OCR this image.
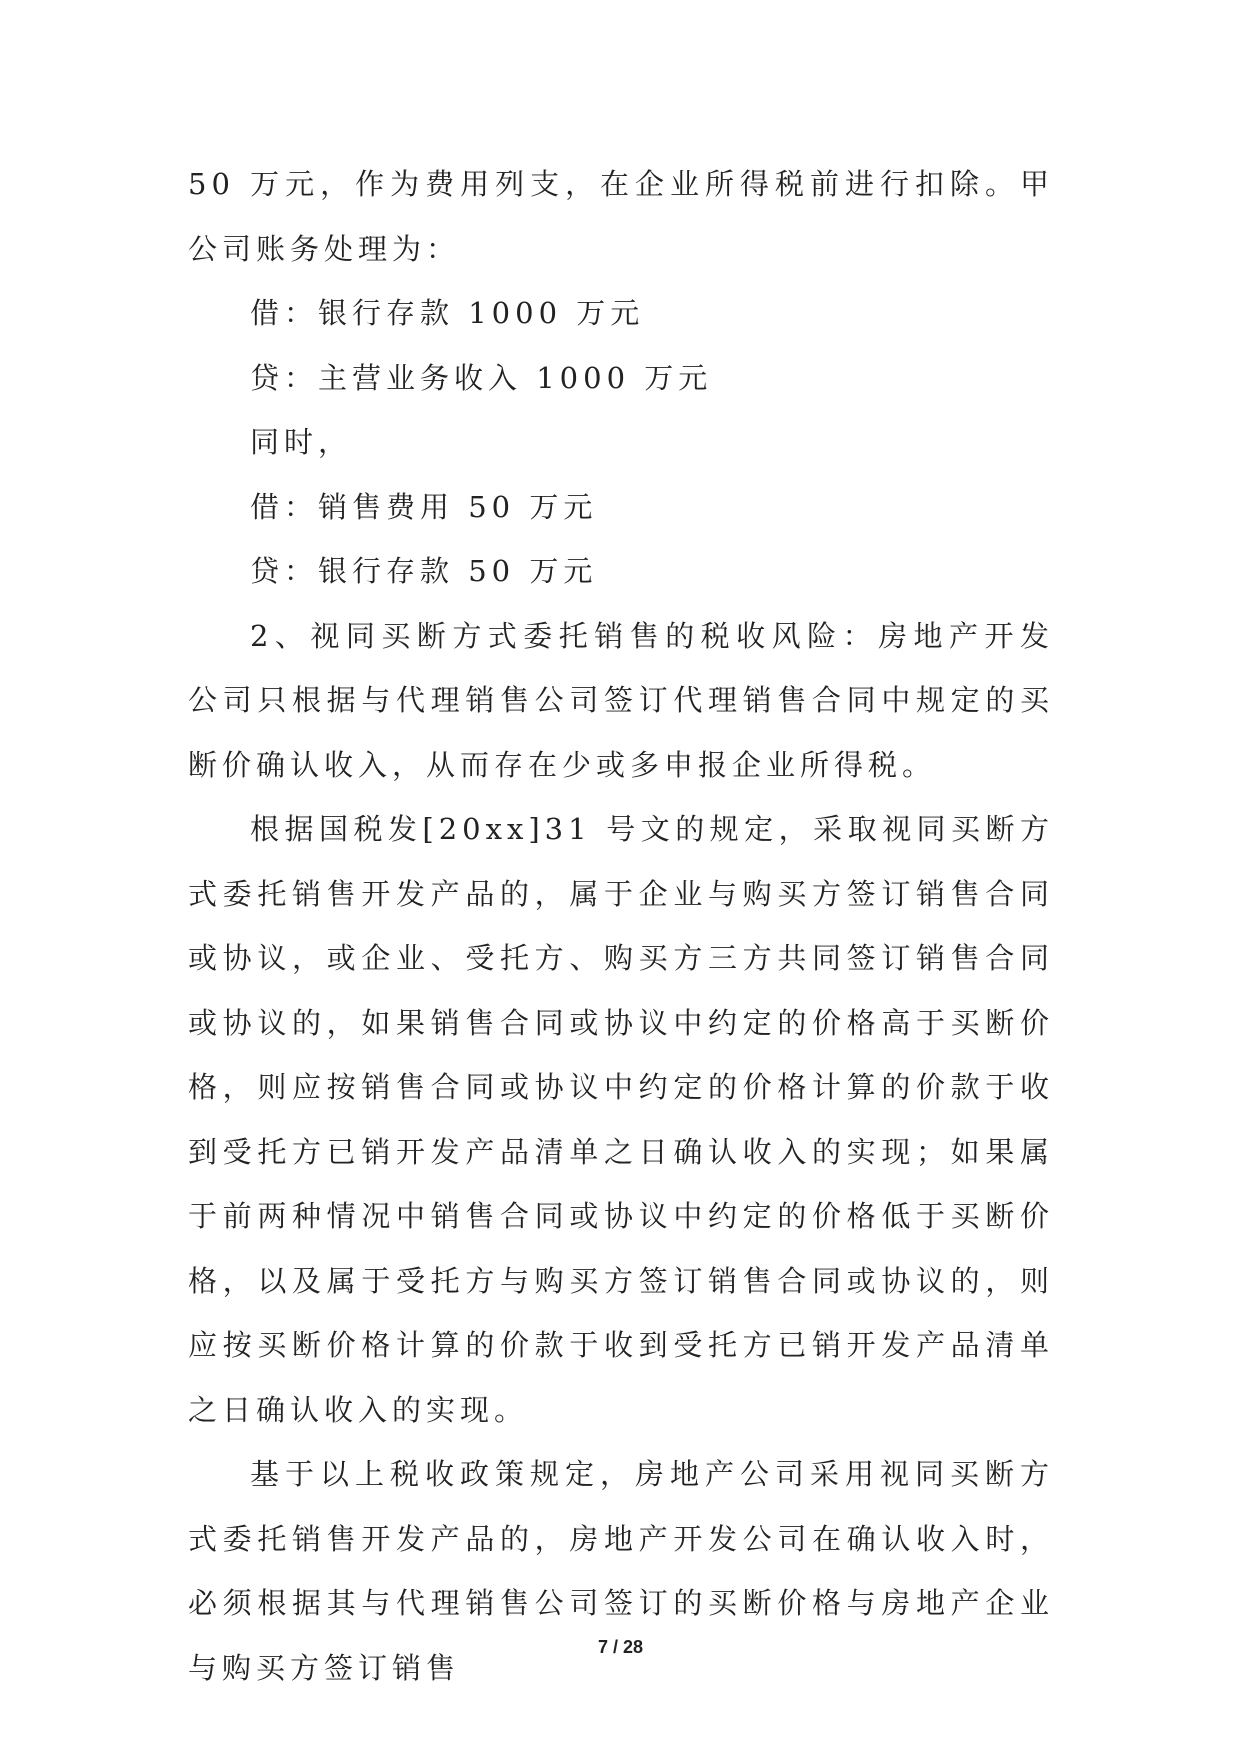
50 万元，作为费用列支，在企业所得税前进行扣除。甲公司账务处理为：

借：银行存款 1000 万元

贷：主营业务收入 1000 万元

同时，

借：销售费用 50 万元

贷：银行存款 50 万元

2、视同买断方式委托销售的税收风险：房地产开发公司只根据与代理销售公司签订代理销售合同中规定的买断价确认收入，从而存在少或多申报企业所得税。

根据国税发[20xx]31 号文的规定，采取视同买断方式委托销售开发产品的，属于企业与购买方签订销售合同或协议，或企业、受托方、购买方三方共同签订销售合同或协议的，如果销售合同或协议中约定的价格高于买断价格，则应按销售合同或协议中约定的价格计算的价款于收到受托方已销开发产品清单之日确认收入的实现；如果属于前两种情况中销售合同或协议中约定的价格低于买断价格，以及属于受托方与购买方签订销售合同或协议的，则应按买断价格计算的价款于收到受托方已销开发产品清单之日确认收入的实现。

基于以上税收政策规定，房地产公司采用视同买断方式委托销售开发产品的，房地产开发公司在确认收入时，必须根据其与代理销售公司签订的买断价格与房地产企业与购买方签订销售

7 / 28
